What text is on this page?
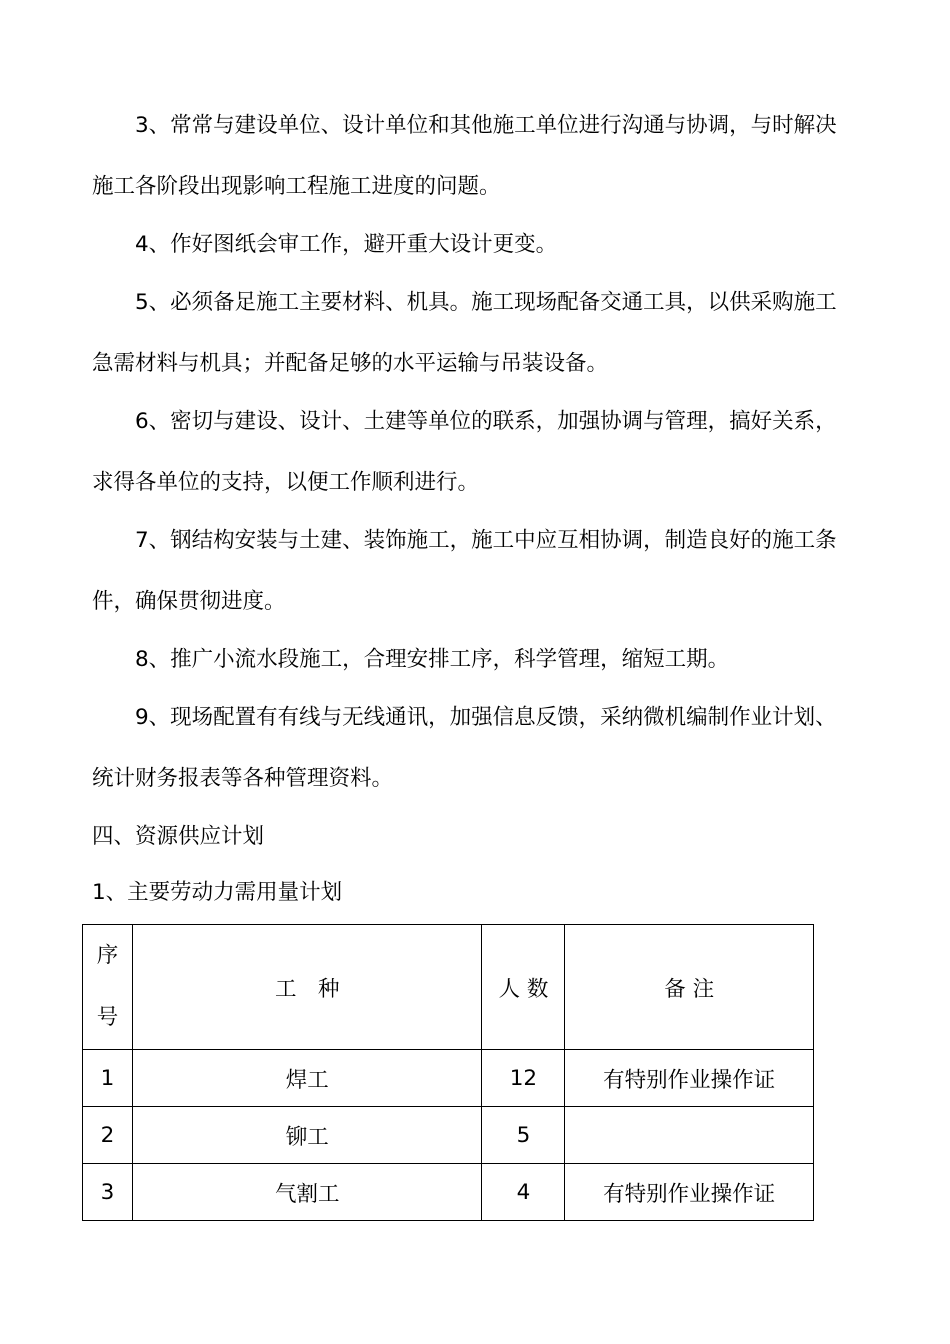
3、常常与建设单位、设计单位和其他施工单位进行沟通与协调，与时解决

施工各阶段出现影响工程施工进度的问题。

4、作好图纸会审工作，避开重大设计更变。

5、必须备足施工主要材料、机具。施工现场配备交通工具，以供采购施工

急需材料与机具；并配备足够的水平运输与吊装设备。

6、密切与建设、设计、土建等单位的联系，加强协调与管理，搞好关系，

求得各单位的支持，以便工作顺利进行。

7、钢结构安装与土建、装饰施工，施工中应互相协调，制造良好的施工条

件，确保贯彻进度。

8、推广小流水段施工，合理安排工序，科学管理，缩短工期。

9、现场配置有有线与无线通讯，加强信息反馈，采纳微机编制作业计划、

统计财务报表等各种管理资料。

四、资源供应计划
1、主要劳动力需用量计划
序
号	工　种	人 数	备 注
1	焊工	12	有特别作业操作证
2	铆工	5	
3	气割工	4	有特别作业操作证
